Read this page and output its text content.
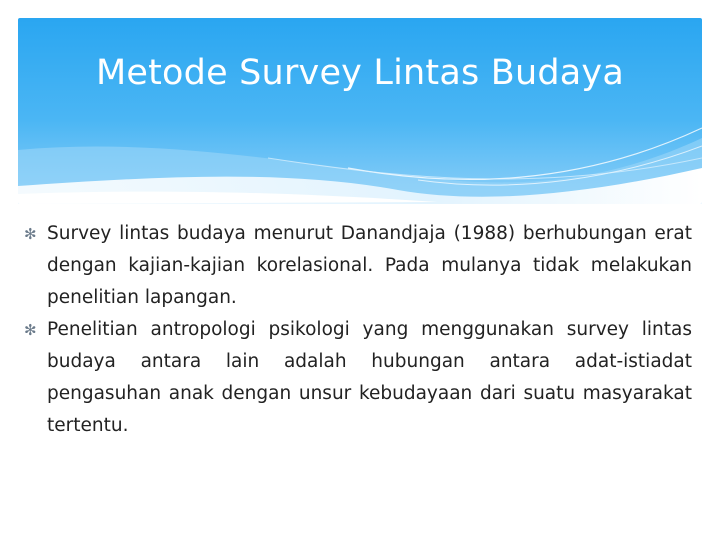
Metode Survey Lintas Budaya
✻ Survey lintas budaya menurut Danandjaja (1988) berhubungan erat dengan kajian-kajian korelasional. Pada mulanya tidak melakukan penelitian lapangan.
✻ Penelitian antropologi psikologi yang menggunakan survey lintas budaya antara lain adalah hubungan antara adat-istiadat pengasuhan anak dengan unsur kebudayaan dari suatu masyarakat tertentu.
